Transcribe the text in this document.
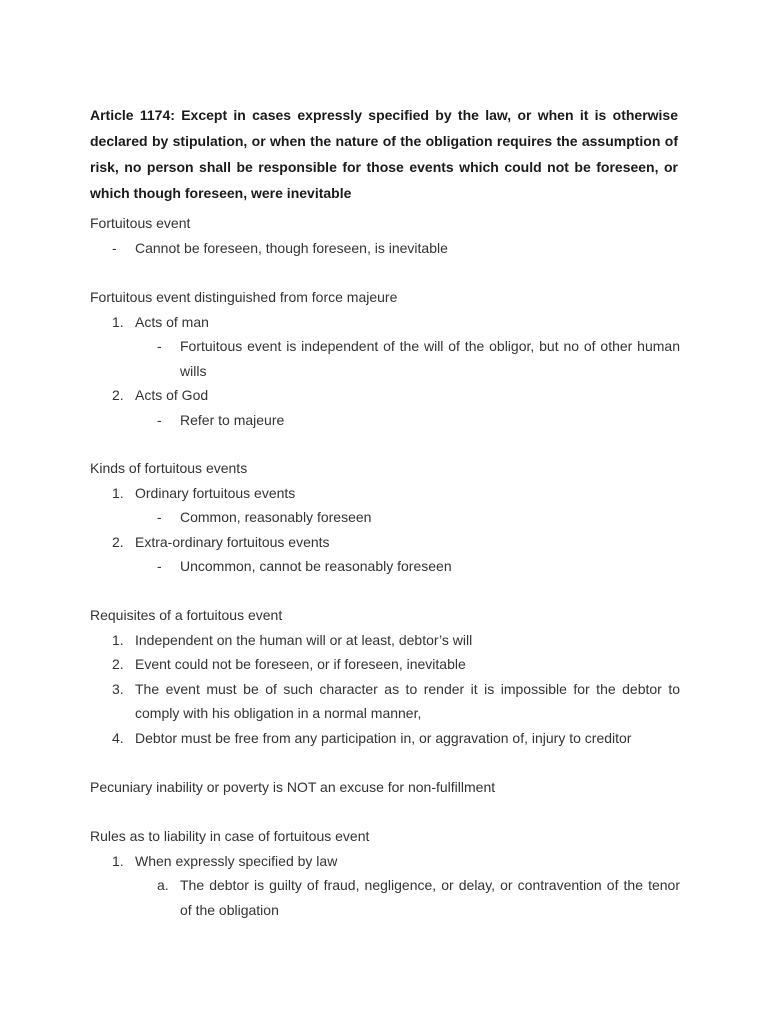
Article 1174: Except in cases expressly specified by the law, or when it is otherwise declared by stipulation, or when the nature of the obligation requires the assumption of risk, no person shall be responsible for those events which could not be foreseen, or which though foreseen, were inevitable

Fortuitous event

-	Cannot be foreseen, though foreseen, is inevitable

Fortuitous event distinguished from force majeure

1. Acts of man
-	Fortuitous event is independent of the will of the obligor, but no of other human wills
2. Acts of God
-	Refer to majeure

Kinds of fortuitous events

1. Ordinary fortuitous events
-	Common, reasonably foreseen
2. Extra-ordinary fortuitous events
-	Uncommon, cannot be reasonably foreseen

Requisites of a fortuitous event

1. Independent on the human will or at least, debtor’s will
2. Event could not be foreseen, or if foreseen, inevitable
3. The event must be of such character as to render it is impossible for the debtor to comply with his obligation in a normal manner,
4. Debtor must be free from any participation in, or aggravation of, injury to creditor

Pecuniary inability or poverty is NOT an excuse for non-fulfillment

Rules as to liability in case of fortuitous event

1. When expressly specified by law
a. The debtor is guilty of fraud, negligence, or delay, or contravention of the tenor of the obligation
